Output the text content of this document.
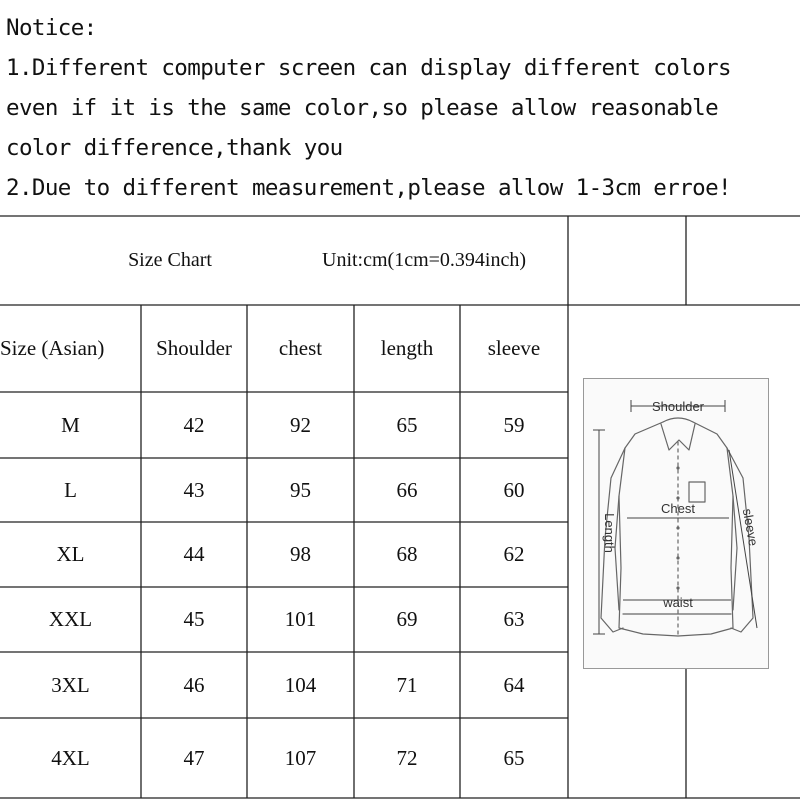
Notice:
1.Different computer screen can display different colors
even if it is the same color,so please allow reasonable
color difference,thank you
2.Due to different measurement,please allow 1-3cm erroe!
Size Chart	Unit:cm(1cm=0.394inch)
Size (Asian)	Shoulder	chest	length	sleeve
M	42	92	65	59
L	43	95	66	60
XL	44	98	68	62
XXL	45	101	69	63
3XL	46	104	71	64
4XL	47	107	72	65
Shoulder
Chest
waist
Length	sleeve
